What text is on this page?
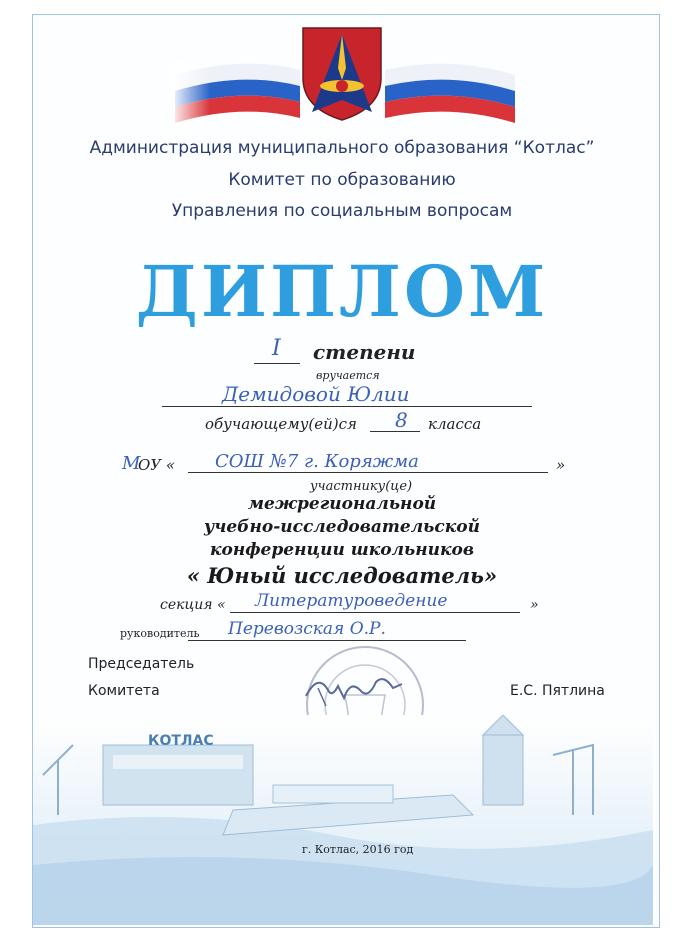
Администрация муниципального образования “Котлас”
Комитет по образованию
Управления по социальным вопросам
ДИПЛОМ
I степени
вручается
Демидовой Юлии
обучающему(ей)ся 8 класса
М
ОУ « СОШ №7 г. Коряжма	»
участнику(це)
межрегиональной
учебно-исследовательской
конференции школьников
« Юный исследователь»
секция « Литературоведение	»
руководитель Перевозская О.Р.
Председатель
Комитета	Е.С. Пятлина
КОТЛАС
г. Котлас, 2016 год
